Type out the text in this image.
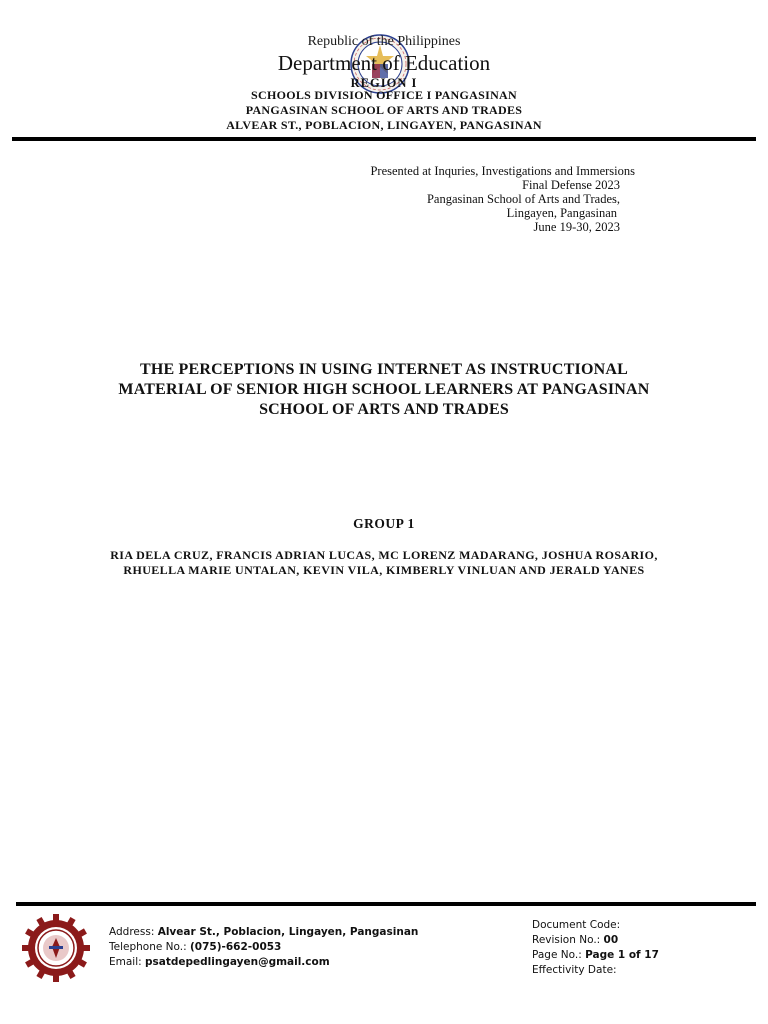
Republic of the Philippines
Department of Education
REGION I
SCHOOLS DIVISION OFFICE I PANGASINAN
PANGASINAN SCHOOL OF ARTS AND TRADES
ALVEAR ST., POBLACION, LINGAYEN, PANGASINAN
Presented at Inquries, Investigations and Immersions
Final Defense 2023
Pangasinan School of Arts and Trades,
Lingayen, Pangasinan
June 19-30, 2023
THE PERCEPTIONS IN USING INTERNET AS INSTRUCTIONAL
MATERIAL OF SENIOR HIGH SCHOOL LEARNERS AT PANGASINAN
SCHOOL OF ARTS AND TRADES
GROUP 1
RIA DELA CRUZ, FRANCIS ADRIAN LUCAS, MC LORENZ MADARANG, JOSHUA ROSARIO,
RHUELLA MARIE UNTALAN, KEVIN VILA, KIMBERLY VINLUAN AND JERALD YANES
Address: Alvear St., Poblacion, Lingayen, Pangasinan
Telephone No.: (075)-662-0053
Email: psatdepedlingayen@gmail.com
Document Code:
Revision No.: 00
Page No.: Page 1 of 17
Effectivity Date:
